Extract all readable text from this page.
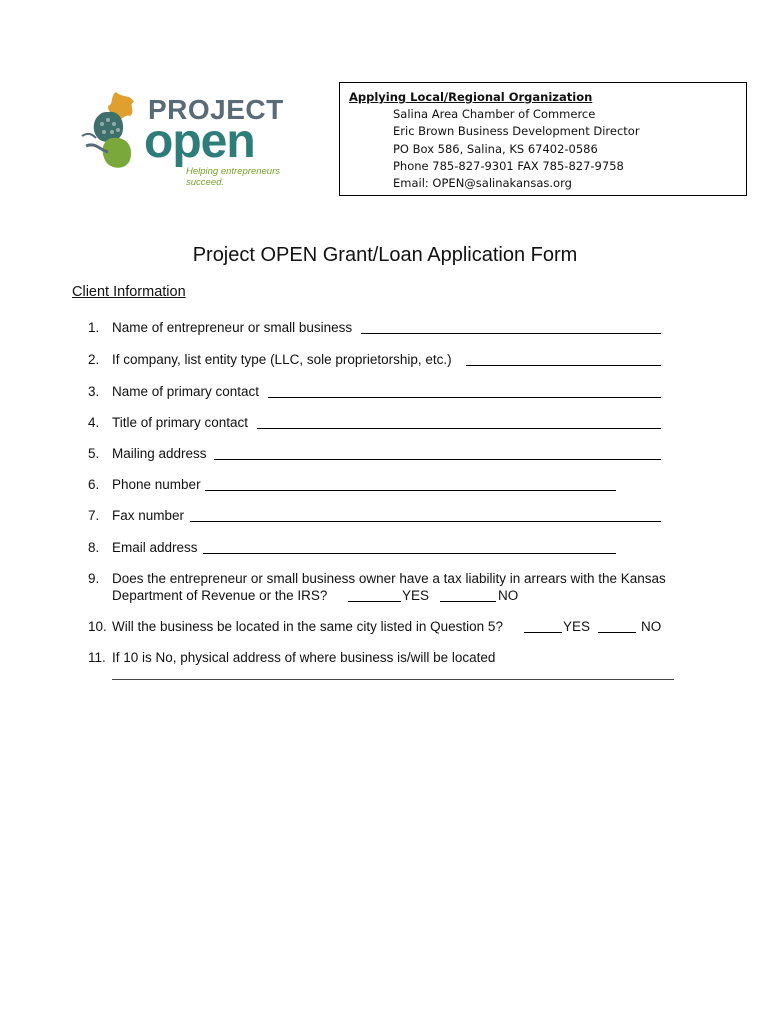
PROJECT
open
Helping entrepreneurs succeed.
Applying Local/Regional Organization
Salina Area Chamber of Commerce
Eric Brown Business Development Director
PO Box 586, Salina, KS 67402-0586
Phone 785-827-9301 FAX 785-827-9758
Email: OPEN@salinakansas.org
Project OPEN Grant/Loan Application Form
Client Information
1. Name of entrepreneur or small business
2. If company, list entity type (LLC, sole proprietorship, etc.)
3. Name of primary contact
4. Title of primary contact
5. Mailing address
6. Phone number
7. Fax number
8. Email address
9. Does the entrepreneur or small business owner have a tax liability in arrears with the Kansas
Department of Revenue or the IRS?	YES	NO
10. Will the business be located in the same city listed in Question 5?	YES	NO
11. If 10 is No, physical address of where business is/will be located
